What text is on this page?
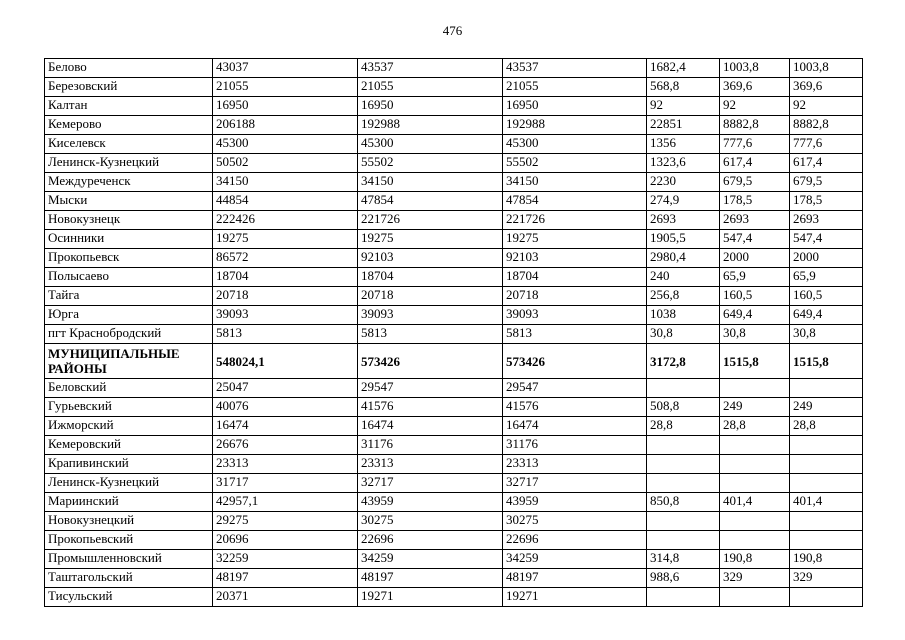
476
Белово	43037	43537	43537	1682,4	1003,8	1003,8
Березовский	21055	21055	21055	568,8	369,6	369,6
Калтан	16950	16950	16950	92	92	92
Кемерово	206188	192988	192988	22851	8882,8	8882,8
Киселевск	45300	45300	45300	1356	777,6	777,6
Ленинск-Кузнецкий	50502	55502	55502	1323,6	617,4	617,4
Междуреченск	34150	34150	34150	2230	679,5	679,5
Мыски	44854	47854	47854	274,9	178,5	178,5
Новокузнецк	222426	221726	221726	2693	2693	2693
Осинники	19275	19275	19275	1905,5	547,4	547,4
Прокопьевск	86572	92103	92103	2980,4	2000	2000
Полысаево	18704	18704	18704	240	65,9	65,9
Тайга	20718	20718	20718	256,8	160,5	160,5
Юрга	39093	39093	39093	1038	649,4	649,4
пгт Краснобродский	5813	5813	5813	30,8	30,8	30,8
МУНИЦИПАЛЬНЫЕ РАЙОНЫ	548024,1	573426	573426	3172,8	1515,8	1515,8
Беловский	25047	29547	29547			
Гурьевский	40076	41576	41576	508,8	249	249
Ижморский	16474	16474	16474	28,8	28,8	28,8
Кемеровский	26676	31176	31176			
Крапивинский	23313	23313	23313			
Ленинск-Кузнецкий	31717	32717	32717			
Мариинский	42957,1	43959	43959	850,8	401,4	401,4
Новокузнецкий	29275	30275	30275			
Прокопьевский	20696	22696	22696			
Промышленновский	32259	34259	34259	314,8	190,8	190,8
Таштагольский	48197	48197	48197	988,6	329	329
Тисульский	20371	19271	19271			
